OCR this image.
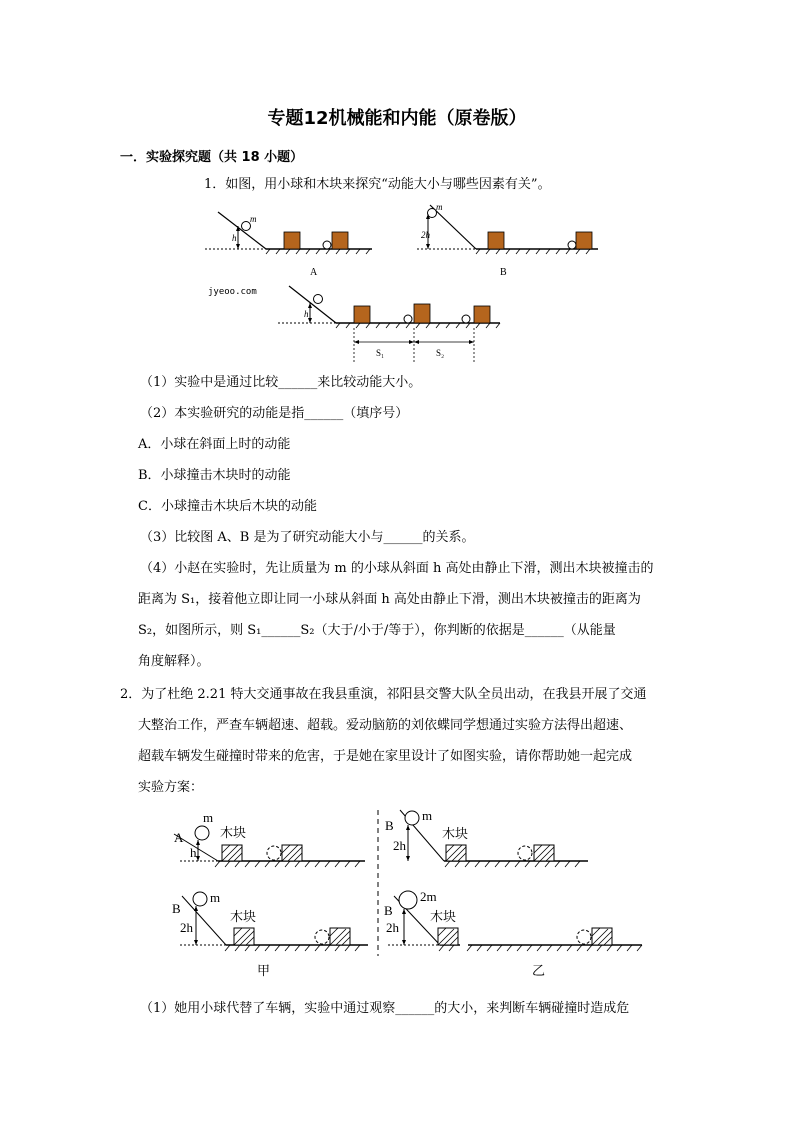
专题12机械能和内能（原卷版）
一．实验探究题（共 18 小题）
1．如图，用小球和木块来探究“动能大小与哪些因素有关”。
m
h
A
m
2h
B
jyeoo.com
h
S₁	S₂
（1）实验中是通过比较______来比较动能大小。
（2）本实验研究的动能是指______（填序号）
A．小球在斜面上时的动能
B．小球撞击木块时的动能
C．小球撞击木块后木块的动能
（3）比较图 A、B 是为了研究动能大小与______的关系。
（4）小赵在实验时，先让质量为 m 的小球从斜面 h 高处由静止下滑，测出木块被撞击的
距离为 S₁，接着他立即让同一小球从斜面 h 高处由静止下滑，测出木块被撞击的距离为
S₂，如图所示，则 S₁______S₂（大于/小于/等于），你判断的依据是______（从能量
角度解释）。
2．为了杜绝 2.21 特大交通事故在我县重演，祁阳县交警大队全员出动，在我县开展了交通
大整治工作，严查车辆超速、超载。爱动脑筋的刘依蝶同学想通过实验方法得出超速、
超载车辆发生碰撞时带来的危害，于是她在家里设计了如图实验，请你帮助她一起完成
实验方案：
A
m
h
木块	B
m
2h
木块
B
m
2h
木块
甲
B
2m
2h
木块
乙
（1）她用小球代替了车辆，实验中通过观察______的大小，来判断车辆碰撞时造成危
